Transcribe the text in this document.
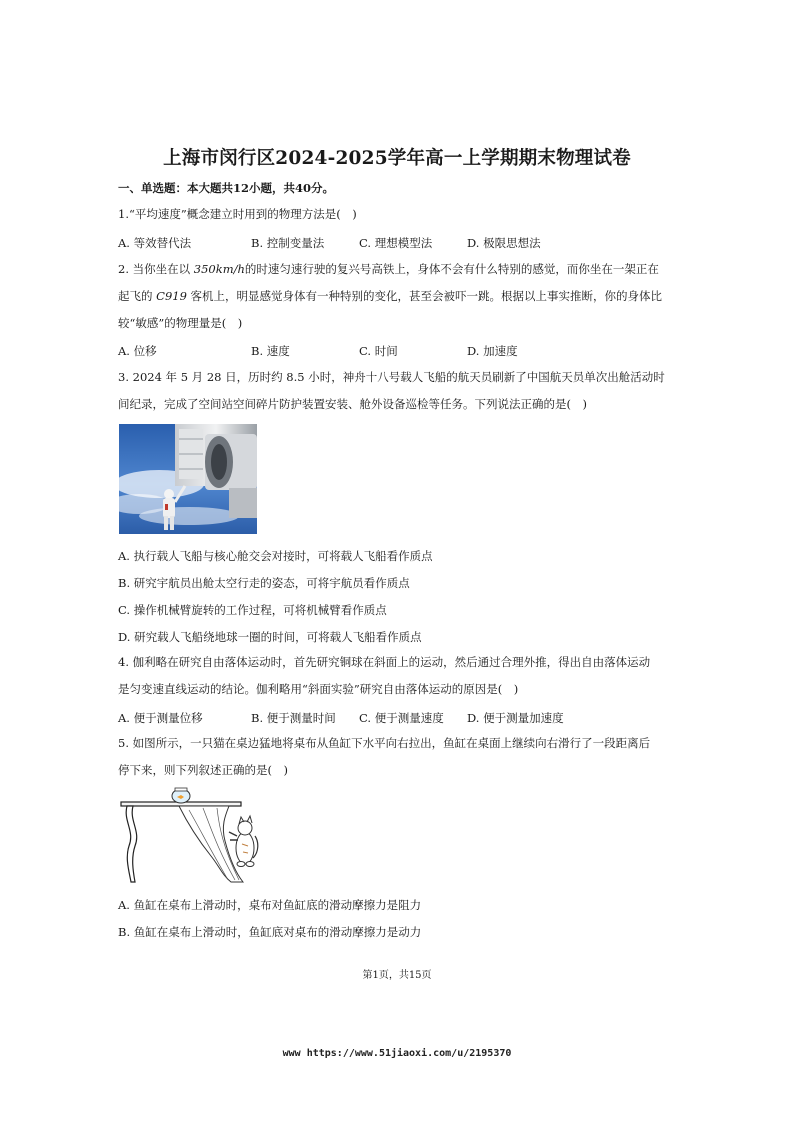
上海市闵行区2024-2025学年高一上学期期末物理试卷
一、单选题：本大题共12小题，共40分。
1.“平均速度”概念建立时用到的物理方法是(　)
A. 等效替代法	B. 控制变量法	C. 理想模型法	D. 极限思想法
2. 当你坐在以 350km/h的时速匀速行驶的复兴号高铁上，身体不会有什么特别的感觉，而你坐在一架正在
起飞的 C919 客机上，明显感觉身体有一种特别的变化，甚至会被吓一跳。根据以上事实推断，你的身体比
较“敏感”的物理量是(　)
A. 位移	B. 速度	C. 时间	D. 加速度
3. 2024 年 5 月 28 日，历时约 8.5 小时，神舟十八号载人飞船的航天员刷新了中国航天员单次出舱活动时
间纪录，完成了空间站空间碎片防护装置安装、舱外设备巡检等任务。下列说法正确的是(　)
A. 执行载人飞船与核心舱交会对接时，可将载人飞船看作质点
B. 研究宇航员出舱太空行走的姿态，可将宇航员看作质点
C. 操作机械臂旋转的工作过程，可将机械臂看作质点
D. 研究载人飞船绕地球一圈的时间，可将载人飞船看作质点
4. 伽利略在研究自由落体运动时，首先研究铜球在斜面上的运动，然后通过合理外推，得出自由落体运动
是匀变速直线运动的结论。伽利略用“斜面实验”研究自由落体运动的原因是(　)
A. 便于测量位移	B. 便于测量时间 C. 便于测量速度 D. 便于测量加速度
5. 如图所示，一只猫在桌边猛地将桌布从鱼缸下水平向右拉出，鱼缸在桌面上继续向右滑行了一段距离后
停下来，则下列叙述正确的是(　)
A. 鱼缸在桌布上滑动时，桌布对鱼缸底的滑动摩擦力是阻力
B. 鱼缸在桌布上滑动时，鱼缸底对桌布的滑动摩擦力是动力
第1页，共15页
www https://www.51jiaoxi.com/u/2195370
